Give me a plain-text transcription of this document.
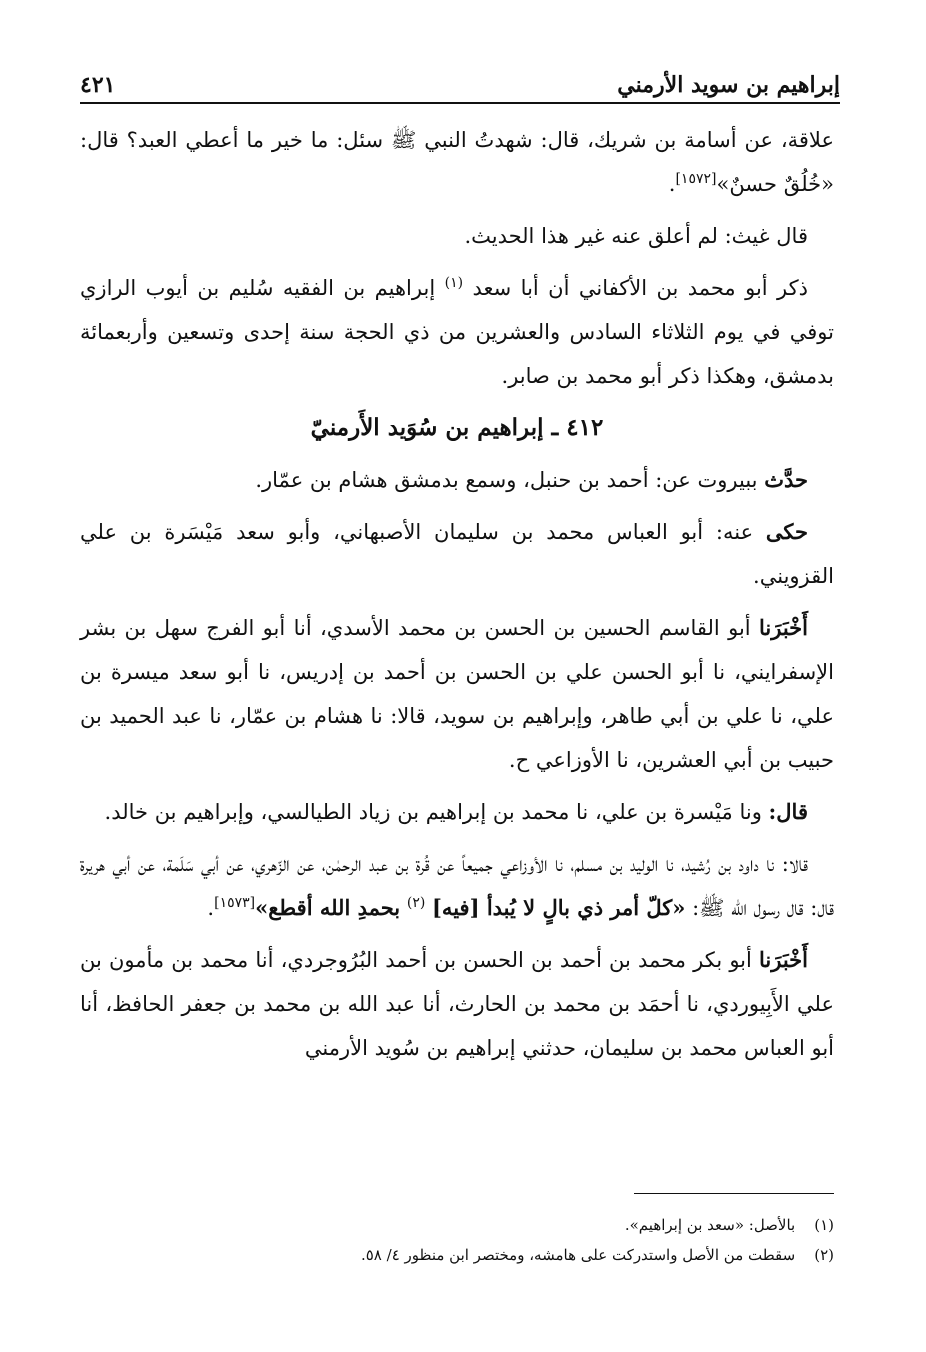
إبراهيم بن سويد الأرمني
٤٢١

علاقة، عن أسامة بن شريك، قال: شهدتُ النبي ﷺ سئل: ما خير ما أعطي العبد؟ قال: «خُلُقٌ حسنٌ»[١٥٧٢].

قال غيث: لم أعلق عنه غير هذا الحديث.

ذكر أبو محمد بن الأكفاني أن أبا سعد $^{(١)}$ إبراهيم بن الفقيه سُليم بن أيوب الرازي توفي في يوم الثلاثاء السادس والعشرين من ذي الحجة سنة إحدى وتسعين وأربعمائة بدمشق، وهكذا ذكر أبو محمد بن صابر.

٤١٢ ـ إبراهيم بن سُوَيد الأَرمنيّ

حدَّث ببيروت عن: أحمد بن حنبل، وسمع بدمشق هشام بن عمّار.

حكى عنه: أبو العباس محمد بن سليمان الأصبهاني، وأبو سعد مَيْسَرة بن علي القزويني.

أَخْبَرَنا أبو القاسم الحسين بن الحسن بن محمد الأسدي، أنا أبو الفرج سهل بن بشر الإسفرايني، نا أبو الحسن علي بن الحسن بن أحمد بن إدريس، نا أبو سعد ميسرة بن علي، نا علي بن أبي طاهر، وإبراهيم بن سويد، قالا: نا هشام بن عمّار، نا عبد الحميد بن حبيب بن أبي العشرين، نا الأوزاعي ح.

قال: ونا مَيْسرة بن علي، نا محمد بن إبراهيم بن زياد الطيالسي، وإبراهيم بن خالد.

قالا: نا داود بن رُشيد، نا الوليد بن مسلم، نا الأوزاعي جميعاً عن قُرة بن عبد الرحمٰن، عن الزّهري، عن أبي سَلَمة، عن أبي هريرة قال: قال رسول الله ﷺ: «كلّ أمر ذي بالٍ لا يُبدأ [فيه] $^{(٢)}$ بحمدِ الله أقطع»[١٥٧٣].

أَخْبَرَنا أبو بكر محمد بن أحمد بن الحسن بن أحمد البُرُوجردي، أنا محمد بن مأمون بن علي الأَبِيوردي، نا أحمَد بن محمد بن الحارث، أنا عبد الله بن محمد بن جعفر الحافظ، أنا أبو العباس محمد بن سليمان، حدثني إبراهيم بن سُويد الأرمني

(١) بالأصل: «سعد بن إبراهيم».
(٢) سقطت من الأصل واستدركت على هامشه، ومختصر ابن منظور ٤/ ٥٨.
